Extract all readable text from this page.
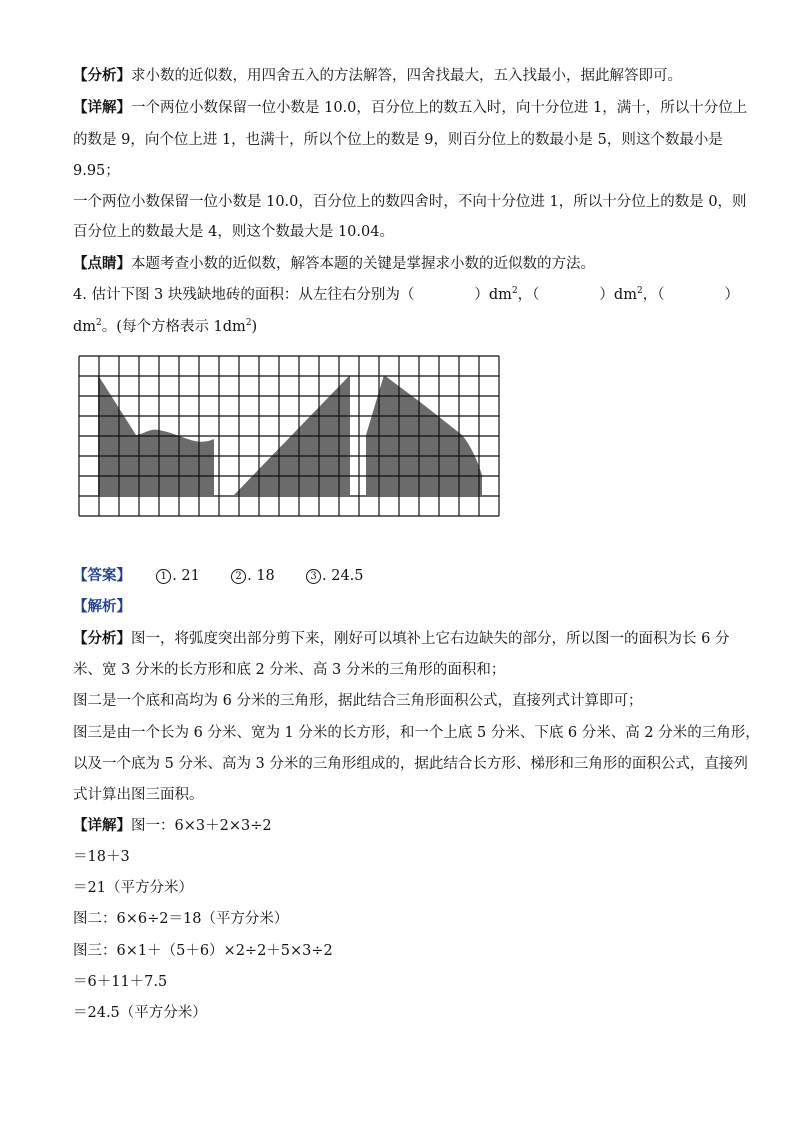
【分析】求小数的近似数，用四舍五入的方法解答，四舍找最大，五入找最小，据此解答即可。
【详解】一个两位小数保留一位小数是 10.0，百分位上的数五入时，向十分位进 1，满十，所以十分位上
的数是 9，向个位上进 1，也满十，所以个位上的数是 9，则百分位上的数最小是 5，则这个数最小是
9.95；
一个两位小数保留一位小数是 10.0，百分位上的数四舍时，不向十分位进 1，所以十分位上的数是 0，则
百分位上的数最大是 4，则这个数最大是 10.04。
【点睛】本题考查小数的近似数，解答本题的关键是掌握求小数的近似数的方法。
4. 估计下图 3 块残缺地砖的面积：从左往右分别为（	）$dm^2$，（	）$dm^2$，（	）
$dm^2$。(每个方格表示 $1dm^2$)
【答案】	1 . 21	2 . 18	3 . 24.5
【解析】
【分析】图一，将弧度突出部分剪下来，刚好可以填补上它右边缺失的部分，所以图一的面积为长 6 分
米、宽 3 分米的长方形和底 2 分米、高 3 分米的三角形的面积和；
图二是一个底和高均为 6 分米的三角形，据此结合三角形面积公式，直接列式计算即可；
图三是由一个长为 6 分米、宽为 1 分米的长方形，和一个上底 5 分米、下底 6 分米、高 2 分米的三角形，
以及一个底为 5 分米、高为 3 分米的三角形组成的，据此结合长方形、梯形和三角形的面积公式，直接列
式计算出图三面积。
【详解】图一：6×3＋2×3÷2
＝18＋3
＝21（平方分米）
图二：6×6÷2＝18（平方分米）
图三：6×1＋（5＋6）×2÷2＋5×3÷2
＝6＋11＋7.5
＝24.5（平方分米）
